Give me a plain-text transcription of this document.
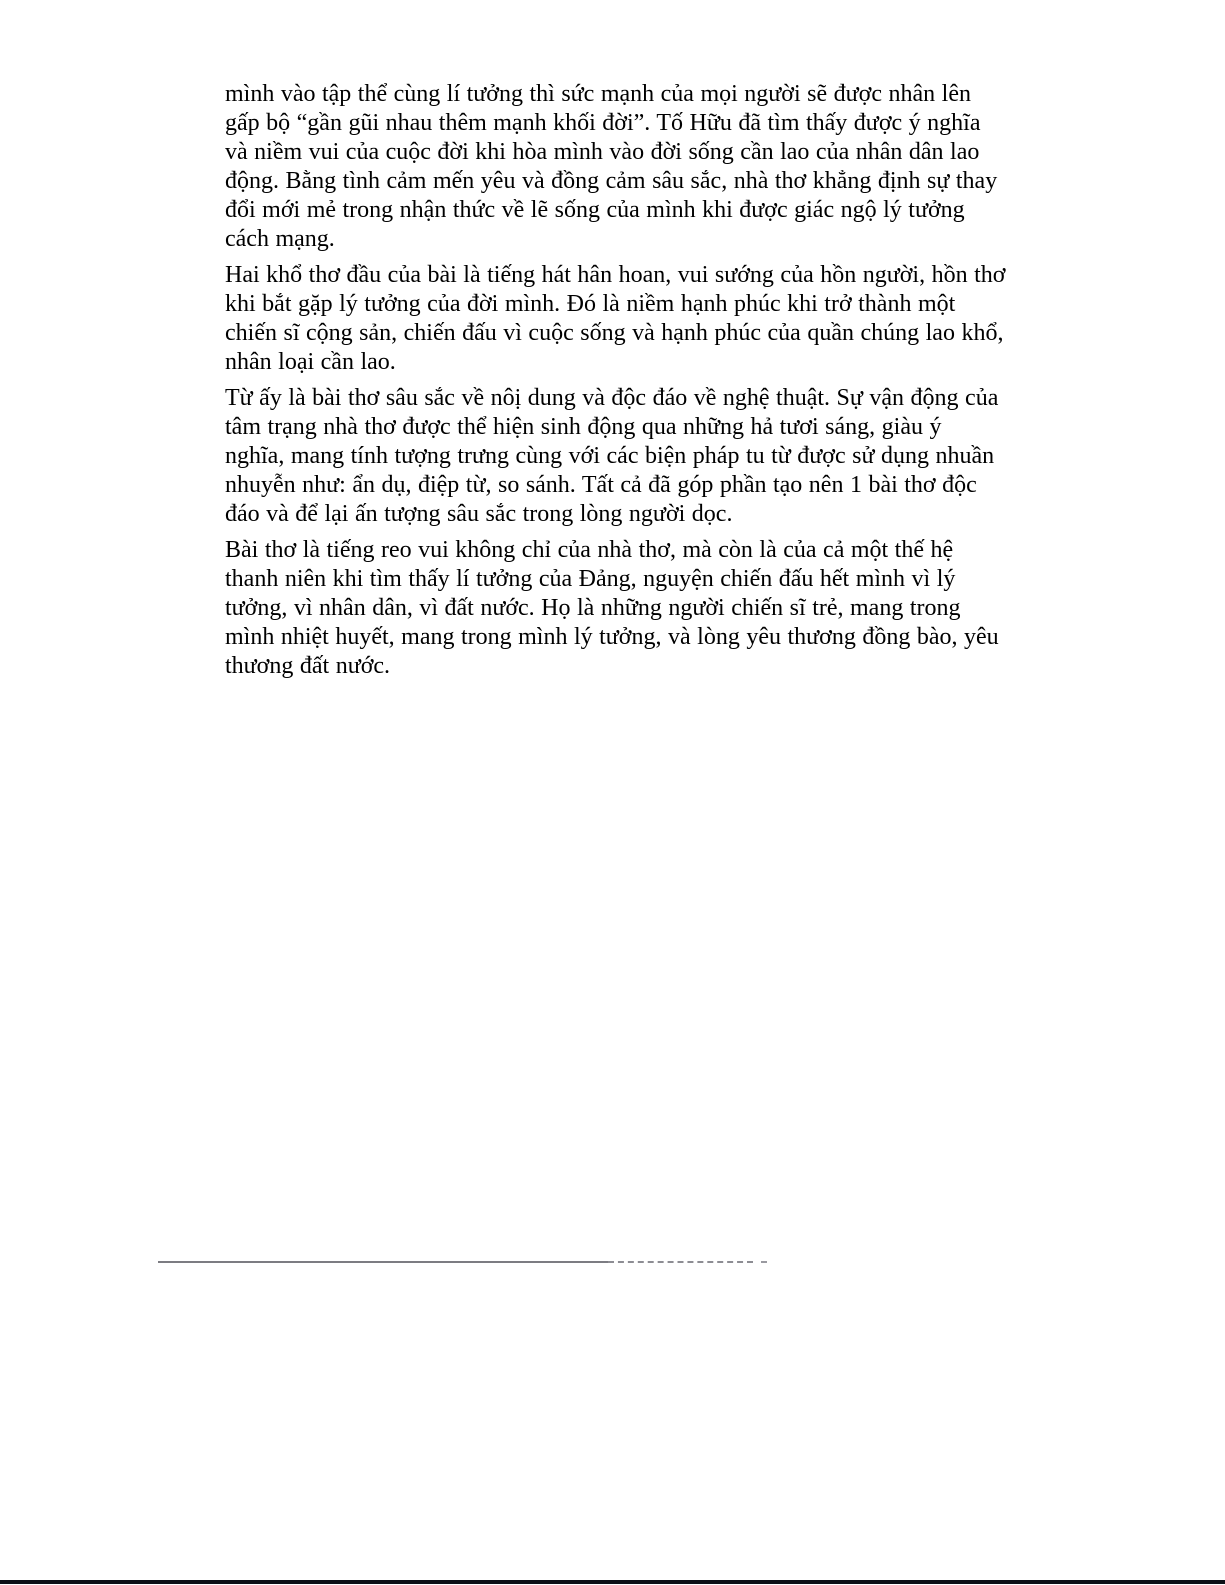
mình vào tập thể cùng lí tưởng thì sức mạnh của mọi người sẽ được nhân lên gấp bộ “gần gũi nhau thêm mạnh khối đời”. Tố Hữu đã tìm thấy được ý nghĩa và niềm vui của cuộc đời khi hòa mình vào đời sống cần lao của nhân dân lao động. Bằng tình cảm mến yêu và đồng cảm sâu sắc, nhà thơ khẳng định sự thay đổi mới mẻ trong nhận thức về lẽ sống của mình khi được giác ngộ lý tưởng cách mạng.

Hai khổ thơ đầu của bài là tiếng hát hân hoan, vui sướng của hồn người, hồn thơ khi bắt gặp lý tưởng của đời mình. Đó là niềm hạnh phúc khi trở thành một chiến sĩ cộng sản, chiến đấu vì cuộc sống và hạnh phúc của quần chúng lao khổ, nhân loại cần lao.

Từ ấy là bài thơ sâu sắc về nôị dung và độc đáo về nghệ thuật. Sự vận động của tâm trạng nhà thơ được thể hiện sinh động qua những hả tươi sáng, giàu ý nghĩa, mang tính tượng trưng cùng với các biện pháp tu từ được sử dụng nhuần nhuyễn như: ẩn dụ, điệp từ, so sánh. Tất cả đã góp phần tạo nên 1 bài thơ độc đáo và để lại ấn tượng sâu sắc trong lòng người dọc.

Bài thơ là tiếng reo vui không chỉ của nhà thơ, mà còn là của cả một thế hệ thanh niên khi tìm thấy lí tưởng của Đảng, nguyện chiến đấu hết mình vì lý tưởng, vì nhân dân, vì đất nước. Họ là những người chiến sĩ trẻ, mang trong mình nhiệt huyết, mang trong mình lý tưởng, và lòng yêu thương đồng bào, yêu thương đất nước.
